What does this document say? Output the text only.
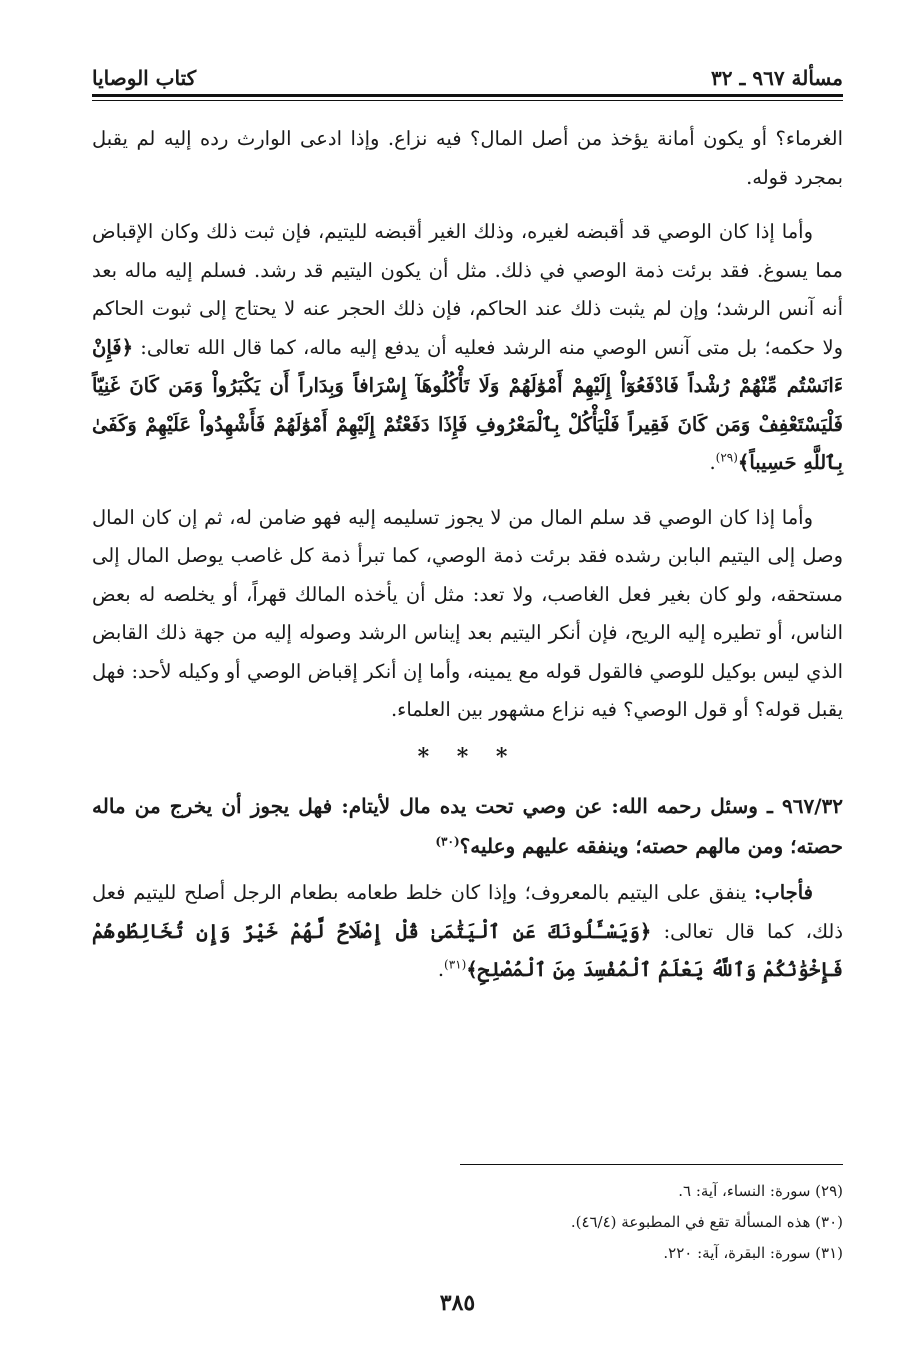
مسألة ٩٦٧ ـ ٣٢
كتاب الوصايا

الغرماء؟ أو يكون أمانة يؤخذ من أصل المال؟ فيه نزاع. وإذا ادعى الوارث رده إليه لم يقبل بمجرد قوله.

وأما إذا كان الوصي قد أقبضه لغيره، وذلك الغير أقبضه لليتيم، فإن ثبت ذلك وكان الإقباض مما يسوغ. فقد برئت ذمة الوصي في ذلك. مثل أن يكون اليتيم قد رشد. فسلم إليه ماله بعد أنه آنس الرشد؛ وإن لم يثبت ذلك عند الحاكم، فإن ذلك الحجر عنه لا يحتاج إلى ثبوت الحاكم ولا حكمه؛ بل متى آنس الوصي منه الرشد فعليه أن يدفع إليه ماله، كما قال الله تعالى: ﴿فَإِنْ ءَانَسْتُم مِّنْهُمْ رُشْداً فَادْفَعُوٓاْ إِلَيْهِمْ أَمْوَٰلَهُمْ وَلَا تَأْكُلُوهَآ إِسْرَافاً وَبِدَاراً أَن يَكْبَرُواْ وَمَن كَانَ غَنِيّاً فَلْيَسْتَعْفِفْ وَمَن كَانَ فَقِيراً فَلْيَأْكُلْ بِٱلْمَعْرُوفِ فَإِذَا دَفَعْتُمْ إِلَيْهِمْ أَمْوَٰلَهُمْ فَأَشْهِدُواْ عَلَيْهِمْ وَكَفَىٰ بِٱللَّهِ حَسِيباً﴾$^{(٢٩)}$.

وأما إذا كان الوصي قد سلم المال من لا يجوز تسليمه إليه فهو ضامن له، ثم إن كان المال وصل إلى اليتيم البابن رشده فقد برئت ذمة الوصي، كما تبرأ ذمة كل غاصب يوصل المال إلى مستحقه، ولو كان بغير فعل الغاصب، ولا تعد: مثل أن يأخذه المالك قهراً، أو يخلصه له بعض الناس، أو تطيره إليه الريح، فإن أنكر اليتيم بعد إيناس الرشد وصوله إليه من جهة ذلك القابض الذي ليس بوكيل للوصي فالقول قوله مع يمينه، وأما إن أنكر إقباض الوصي أو وكيله لأحد: فهل يقبل قوله؟ أو قول الوصي؟ فيه نزاع مشهور بين العلماء.

* * *

٩٦٧/٣٢ ـ وسئل رحمه الله: عن وصي تحت يده مال لأيتام: فهل يجوز أن يخرج من ماله حصته؛ ومن مالهم حصته؛ وينفقه عليهم وعليه؟$^{(٣٠)}$

فأجاب: ينفق على اليتيم بالمعروف؛ وإذا كان خلط طعامه بطعام الرجل أصلح لليتيم فعل ذلك، كما قال تعالى: ﴿وَيَسْـَٔلُونَكَ عَنِ ٱلْيَتَٰمَىٰ قُلْ إِصْلَاحٌ لَّهُمْ خَيْرٌ وَإِن تُخَالِطُوهُمْ فَإِخْوَٰنُكُمْ وَٱللَّهُ يَعْلَمُ ٱلْمُفْسِدَ مِنَ ٱلْمُصْلِحِ﴾$^{(٣١)}$.

(٢٩) سورة: النساء، آية: ٦.

(٣٠) هذه المسألة تقع في المطبوعة (٤٦/٤).

(٣١) سورة: البقرة، آية: ٢٢٠.

٣٨٥
